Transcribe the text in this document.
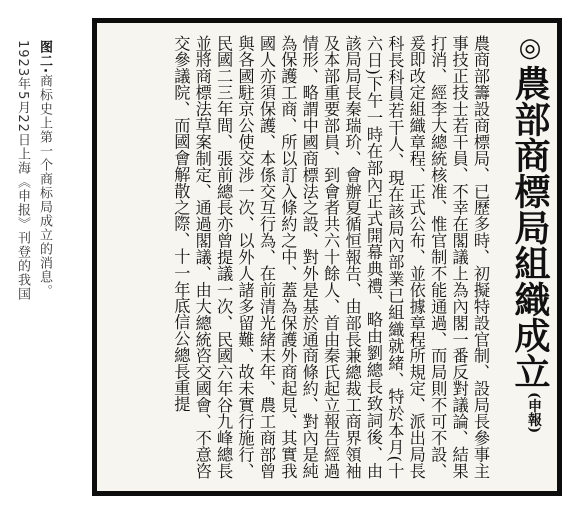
图二·商标史上第一个商标局成立的消息。
1923年5月22日上海《申报》刊登的我国	◎農部商標局組織成立
(申報)
農商部籌設商標局、已歷多時、初擬特設官制、設局長參事主事技正技士若干員、不幸在閣議上為內閣一番反對議論、結果打消、經李大總統核准、惟官制不能通過、而局則不可不設、爰即改定組織章程、正式公布、並依據章程所規定、派出局長科長科員若干人、現在該局內部業已組織就緒、特於本月(十六日)下午一時在部內正式開幕典禮、略由劉總長致詞後、由該局局長秦瑞玠、會辦夏循恒報告、由部長兼總裁工商界領袖及本部重要部員、到會者共六十餘人、首由秦氏起立報告經過情形、略謂中國商標法之設、對外是基於通商條約、對內是純為保護工商、所以訂入條約之中、蓋為保護外商起見、其實我國人亦須保護、本係交互行為、在前清光緒末年、農工商部曾與各國駐京公使交涉一次、以外人諸多留難、故未實行施行、民國二三年間、張前總長亦曾提議一次、民國六年谷九峰總長並將商標法草案制定、通過閣議、由大總統咨交國會、不意咨交參議院、而國會解散之際、十一年底信公總長重提
